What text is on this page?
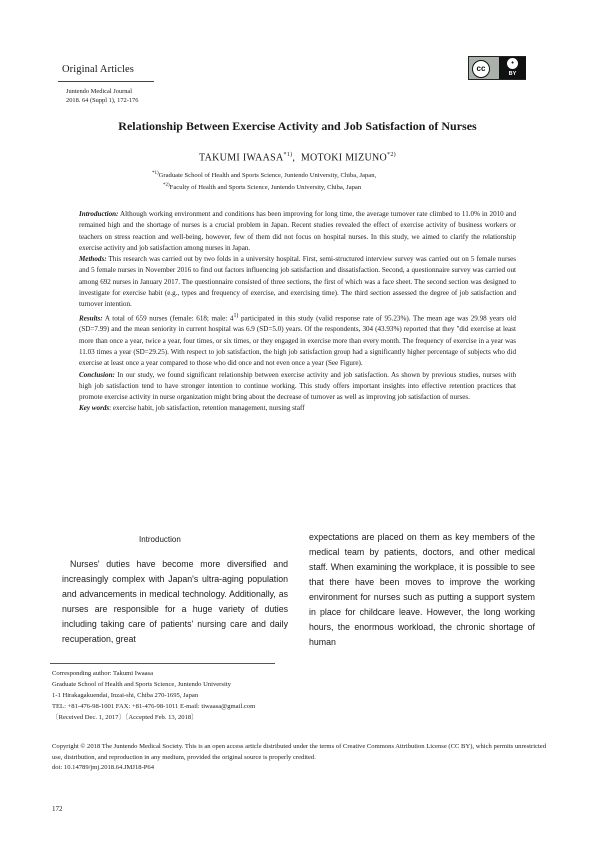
Original Articles
Juntendo Medical Journal
2018. 64 (Suppl 1), 172-176
cc
•
BY
Relationship Between Exercise Activity and Job Satisfaction of Nurses
TAKUMI IWAASA$^{*1)}$,  MOTOKI MIZUNO$^{*2)}$
$^{*1)}$Graduate School of Health and Sports Science, Juntendo University, Chiba, Japan,
$^{*2)}$Faculty of Health and Sports Science, Juntendo University, Chiba, Japan

Introduction: Although working environment and conditions has been improving for long time, the average turnover rate climbed to 11.0% in 2010 and remained high and the shortage of nurses is a crucial problem in Japan. Recent studies revealed the effect of exercise activity of business workers or teachers on stress reaction and well-being, however, few of them did not focus on hospital nurses. In this study, we aimed to clarify the relationship exercise activity and job satisfaction among nurses in Japan.

Methods: This research was carried out by two folds in a university hospital. First, semi-structured interview survey was carried out on 5 female nurses and 5 female nurses in November 2016 to find out factors influencing job satisfaction and dissatisfaction. Second, a questionnaire survey was carried out among 692 nurses in January 2017. The questionnaire consisted of three sections, the first of which was a face sheet. The second section was designed to investigate for exercise habit (e.g., types and frequency of exercise, and exercising time). The third section assessed the degree of job satisfaction and turnover intention.

Results: A total of 659 nurses (female: 618; male: 4$^{1)}$ participated in this study (valid response rate of 95.23%). The mean age was 29.98 years old (SD=7.99) and the mean seniority in current hospital was 6.9 (SD=5.0) years. Of the respondents, 304 (43.93%) reported that they "did exercise at least more than once a year, twice a year, four times, or six times, or they engaged in exercise more than every month. The frequency of exercise in a year was 11.03 times a year (SD=29.25). With respect to job satisfaction, the high job satisfaction group had a significantly higher percentage of subjects who did exercise at least once a year compared to those who did once and not even once a year (See Figure).

Conclusion: In our study, we found significant relationship between exercise activity and job satisfaction. As shown by previous studies, nurses with high job satisfaction tend to have stronger intention to continue working. This study offers important insights into effective retention practices that promote exercise activity in nurse organization might bring about the decrease of turnover as well as improving job satisfaction of nurses.

Key words: exercise habit, job satisfaction, retention management, nursing staff

Introduction
Nurses' duties have become more diversified and increasingly complex with Japan's ultra-aging population and advancements in medical technology. Additionally, as nurses are responsible for a huge variety of duties including taking care of patients' nursing care and daily recuperation, great
expectations are placed on them as key members of the medical team by patients, doctors, and other medical staff. When examining the workplace, it is possible to see that there have been moves to improve the working environment for nurses such as putting a support system in place for childcare leave. However, the long working hours, the enormous workload, the chronic shortage of human
Corresponding author: Takumi Iwaasa
Graduate School of Health and Sports Science, Juntendo University
1-1 Hirakagakuendai, Inzai-shi, Chiba 270-1695, Japan
TEL: +81-476-98-1001 FAX: +81-476-98-1011 E-mail: tiwaasa@gmail.com
〔Received Dec. 1, 2017〕〔Accepted Feb. 13, 2018〕
Copyright © 2018 The Juntendo Medical Society. This is an open access article distributed under the terms of Creative Commons Attribution License (CC BY), which permits unrestricted use, distribution, and reproduction in any medium, provided the original source is properly credited.
doi: 10.14789/jmj.2018.64.JMJ18-P64
172
